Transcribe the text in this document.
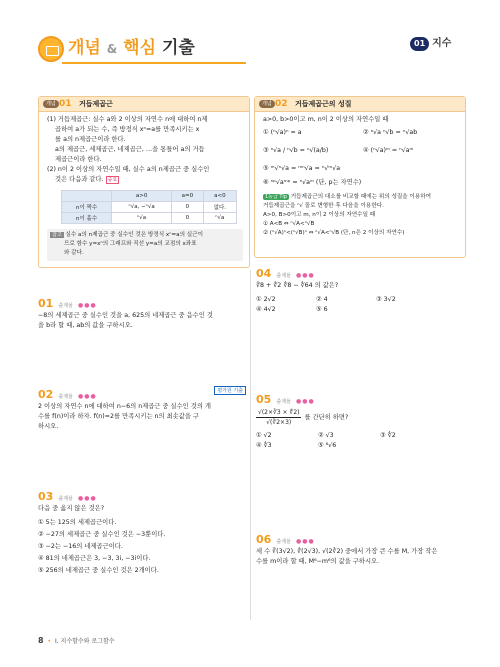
개념 & 핵심 기출	01 지수
개념 01 거듭제곱근
(1) 거듭제곱근: 실수 a와 2 이상의 자연수 n에 대하여 n제
곱하여 a가 되는 수, 즉 방정식 xⁿ=a를 만족시키는 x
를 a의 n제곱근이라 한다.
a의 제곱근, 세제곱근, 네제곱근, …을 통틀어 a의 거듭
제곱근이라 한다.
(2) n이 2 이상의 자연수일 때, 실수 a의 n제곱근 중 실수인
것은 다음과 같다. 중요
	a>0	a=0	a<0
n이 짝수	ⁿ√a, −ⁿ√a	0	없다.
n이 홀수	ⁿ√a	0	ⁿ√a
참고 실수 a의 n제곱근 중 실수인 것은 방정식 xⁿ=a의 실근이
므로 함수 y=xⁿ의 그래프와 직선 y=a의 교점의 x좌표
와 같다.
개념 02 거듭제곱근의 성질
a>0, b>0이고 m, n이 2 이상의 자연수일 때
① (ⁿ√a)ⁿ = a	② ⁿ√a ⁿ√b = ⁿ√ab
③ ⁿ√a / ⁿ√b = ⁿ√(a/b)	④ (ⁿ√a)ᵐ = ⁿ√aᵐ
⑤ ᵐ√ⁿ√a = ᵐⁿ√a = ⁿ√ᵐ√a
⑥ ⁿᵖ√aᵐᵖ = ⁿ√aᵐ (단, p는 자연수)
1등급 Tip 거듭제곱근의 대소를 비교할 때에는 위의 성질을 이용하여
거듭제곱근을 ⁿ√ 꼴로 변형한 후 다음을 이용한다.
A>0, B>0이고 m, n이 2 이상의 자연수일 때
① A<B ⇔ ⁿ√A<ⁿ√B
② (ⁿ√A)ⁿ<(ⁿ√B)ⁿ ⇔ ⁿ√A<ⁿ√B (단, n은 2 이상의 자연수)
01 출제율 ●●●
−8의 세제곱근 중 실수인 것을 a, 625의 네제곱근 중 음수인 것
을 b라 할 때, ab의 값을 구하시오.
02 출제율 ●●●
평가원 기출
2 이상의 자연수 n에 대하여 n−6의 n제곱근 중 실수인 것의 개
수를 f(n)이라 하자. f(n)=2를 만족시키는 n의 최솟값을 구
하시오.
03 출제율 ●●●
다음 중 옳지 않은 것은?
① 5는 125의 세제곱근이다.
② −27의 세제곱근 중 실수인 것은 −3뿐이다.
③ −2는 −16의 네제곱근이다.
④ 81의 네제곱근은 3, −3, 3i, −3i이다.
⑤ 256의 네제곱근 중 실수인 것은 2개이다.
04 출제율 ●●●
∜8 + ∜2 ∜8 − ∜64 의 값은?
① 2√2	② 4	③ 3√2
④ 4√2	⑤ 6
05 출제율 ●●●
√(2×∛3 × ∜2)
√(∛2×3)
를 간단히 하면?
① √2	② √3	③ ∜2
④ ∜3	⑤ ⁶√6
06 출제율 ●●●
세 수 ∛(3√2), ∜(2√3), √(2∛2) 중에서 가장 큰 수를 M, 가장 작은
수를 m이라 할 때, M⁶−m⁶의 값을 구하시오.
8 • Ⅰ. 지수함수와 로그함수
